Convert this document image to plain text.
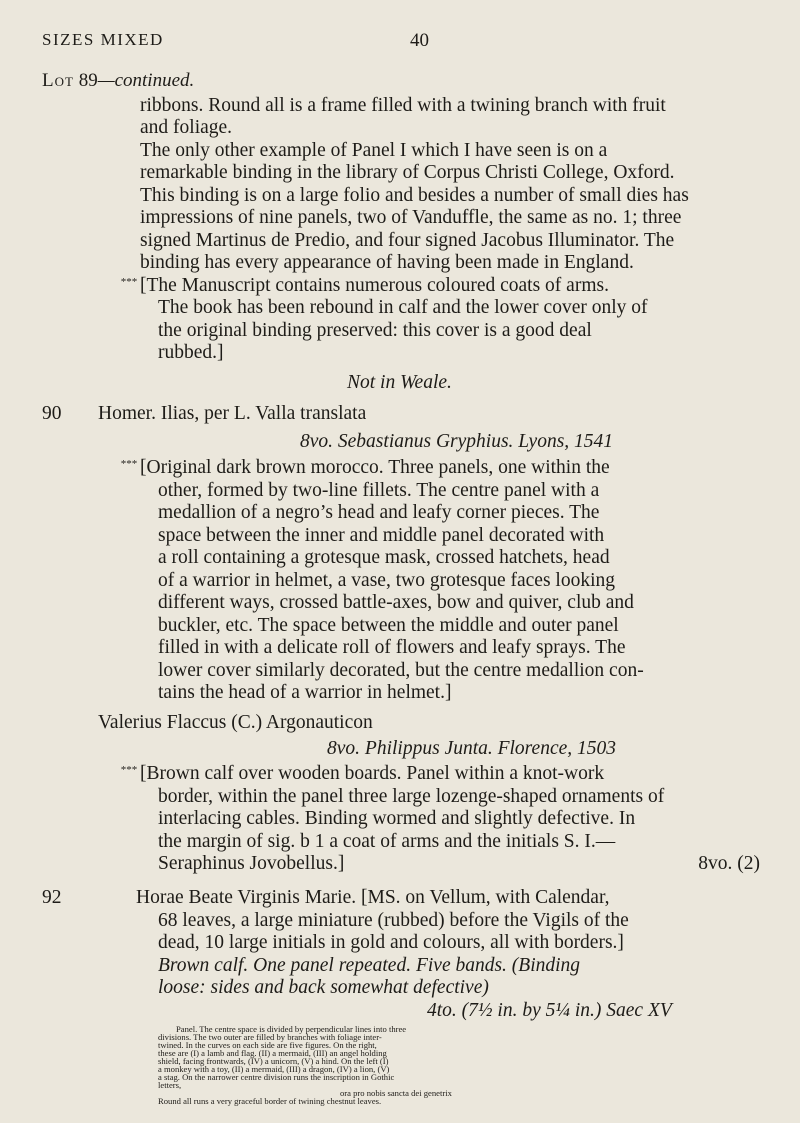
SIZES MIXED	40
Lot 89—continued.
ribbons. Round all is a frame filled with a twining branch with fruit
and foliage.
The only other example of Panel I which I have seen is on a
remarkable binding in the library of Corpus Christi College, Oxford.
This binding is on a large folio and besides a number of small dies has
impressions of nine panels, two of Vanduffle, the same as no. 1; three
signed Martinus de Predio, and four signed Jacobus Illuminator. The
binding has every appearance of having been made in England.
*** [The Manuscript contains numerous coloured coats of arms.
The book has been rebound in calf and the lower cover only of
the original binding preserved: this cover is a good deal
rubbed.]
Not in Weale.
90 Homer. Ilias, per L. Valla translata
8vo. Sebastianus Gryphius. Lyons, 1541
*** [Original dark brown morocco. Three panels, one within the
other, formed by two-line fillets. The centre panel with a
medallion of a negro’s head and leafy corner pieces. The
space between the inner and middle panel decorated with
a roll containing a grotesque mask, crossed hatchets, head
of a warrior in helmet, a vase, two grotesque faces looking
different ways, crossed battle-axes, bow and quiver, club and
buckler, etc. The space between the middle and outer panel
filled in with a delicate roll of flowers and leafy sprays. The
lower cover similarly decorated, but the centre medallion con-
tains the head of a warrior in helmet.]
Valerius Flaccus (C.) Argonauticon
8vo. Philippus Junta. Florence, 1503
*** [Brown calf over wooden boards. Panel within a knot-work
border, within the panel three large lozenge-shaped ornaments of
interlacing cables. Binding wormed and slightly defective. In
the margin of sig. b 1 a coat of arms and the initials S. I.—
Seraphinus Jovobellus.]	8vo. (2)
92	Horae Beate Virginis Marie. [MS. on Vellum, with Calendar,
68 leaves, a large miniature (rubbed) before the Vigils of the
dead, 10 large initials in gold and colours, all with borders.]
Brown calf. One panel repeated. Five bands. (Binding
loose: sides and back somewhat defective)
4to. (7½ in. by 5¼ in.) Saec XV
Panel. The centre space is divided by perpendicular lines into three
divisions. The two outer are filled by branches with foliage inter-
twined. In the curves on each side are five figures. On the right,
these are (I) a lamb and flag. (II) a mermaid, (III) an angel holding
shield, facing frontwards, (IV) a unicorn, (V) a hind. On the left (I)
a monkey with a toy, (II) a mermaid, (III) a dragon, (IV) a lion, (V)
a stag. On the narrower centre division runs the inscription in Gothic
letters,
ora pro nobis sancta dei genetrix
Round all runs a very graceful border of twining chestnut leaves.
